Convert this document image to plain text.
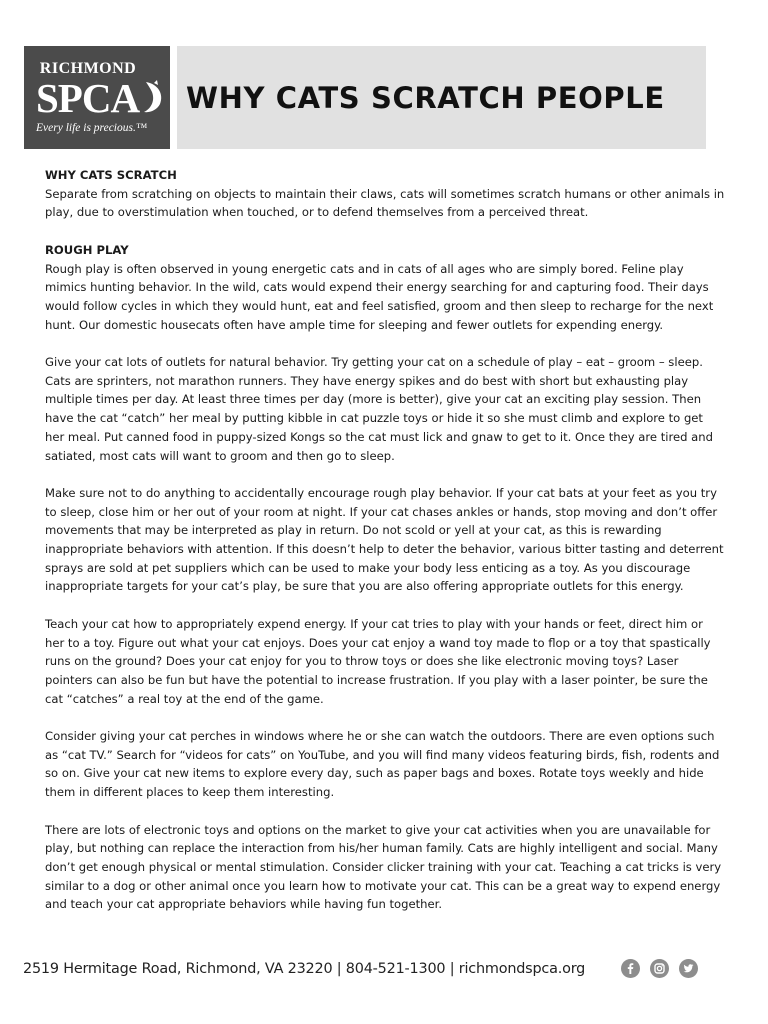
RICHMOND
SPCA
Every life is precious.™
WHY CATS SCRATCH PEOPLE
WHY CATS SCRATCH

Separate from scratching on objects to maintain their claws, cats will sometimes scratch humans or other animals in play, due to overstimulation when touched, or to defend themselves from a perceived threat.

ROUGH PLAY

Rough play is often observed in young energetic cats and in cats of all ages who are simply bored. Feline play mimics hunting behavior. In the wild, cats would expend their energy searching for and capturing food. Their days would follow cycles in which they would hunt, eat and feel satisfied, groom and then sleep to recharge for the next hunt. Our domestic housecats often have ample time for sleeping and fewer outlets for expending energy.

Give your cat lots of outlets for natural behavior. Try getting your cat on a schedule of play – eat – groom – sleep. Cats are sprinters, not marathon runners. They have energy spikes and do best with short but exhausting play multiple times per day. At least three times per day (more is better), give your cat an exciting play session. Then have the cat “catch” her meal by putting kibble in cat puzzle toys or hide it so she must climb and explore to get her meal. Put canned food in puppy-sized Kongs so the cat must lick and gnaw to get to it. Once they are tired and satiated, most cats will want to groom and then go to sleep.

Make sure not to do anything to accidentally encourage rough play behavior. If your cat bats at your feet as you try to sleep, close him or her out of your room at night. If your cat chases ankles or hands, stop moving and don’t offer movements that may be interpreted as play in return. Do not scold or yell at your cat, as this is rewarding inappropriate behaviors with attention. If this doesn’t help to deter the behavior, various bitter tasting and deterrent sprays are sold at pet suppliers which can be used to make your body less enticing as a toy. As you discourage inappropriate targets for your cat’s play, be sure that you are also offering appropriate outlets for this energy.

Teach your cat how to appropriately expend energy. If your cat tries to play with your hands or feet, direct him or her to a toy. Figure out what your cat enjoys. Does your cat enjoy a wand toy made to flop or a toy that spastically runs on the ground? Does your cat enjoy for you to throw toys or does she like electronic moving toys? Laser pointers can also be fun but have the potential to increase frustration. If you play with a laser pointer, be sure the cat “catches” a real toy at the end of the game.

Consider giving your cat perches in windows where he or she can watch the outdoors. There are even options such as “cat TV.” Search for “videos for cats” on YouTube, and you will find many videos featuring birds, fish, rodents and so on. Give your cat new items to explore every day, such as paper bags and boxes. Rotate toys weekly and hide them in different places to keep them interesting.

There are lots of electronic toys and options on the market to give your cat activities when you are unavailable for play, but nothing can replace the interaction from his/her human family. Cats are highly intelligent and social. Many don’t get enough physical or mental stimulation. Consider clicker training with your cat. Teaching a cat tricks is very similar to a dog or other animal once you learn how to motivate your cat. This can be a great way to expend energy and teach your cat appropriate behaviors while having fun together.

2519 Hermitage Road, Richmond, VA 23220 | 804-521-1300 | richmondspca.org
